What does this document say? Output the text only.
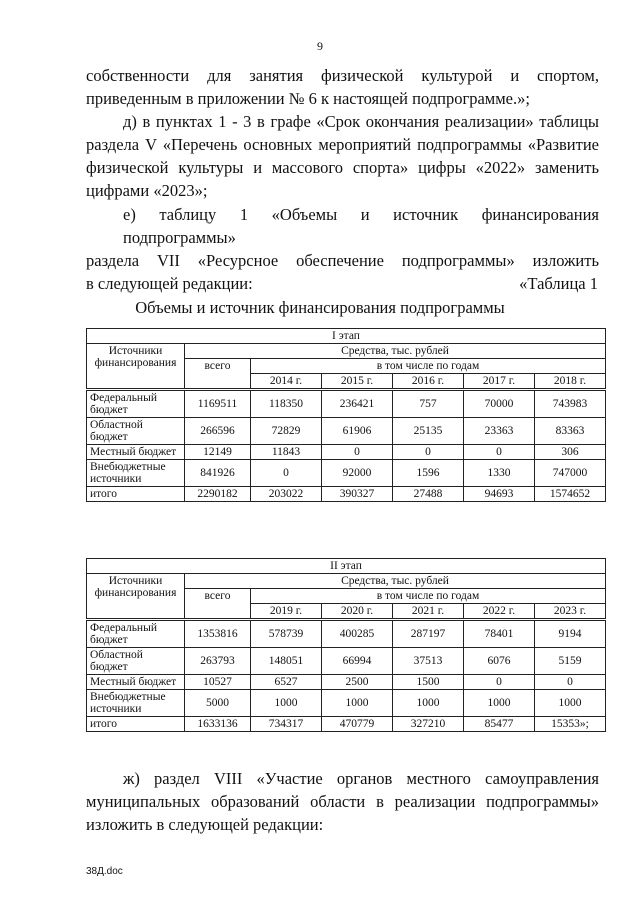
9
собственности для занятия физической культурой и спортом,
приведенным в приложении № 6 к настоящей подпрограмме.»;
д) в пунктах 1 - 3 в графе «Срок окончания реализации» таблицы
раздела V «Перечень основных мероприятий подпрограммы «Развитие
физической культуры и массового спорта» цифры «2022» заменить
цифрами «2023»;
е) таблицу 1 «Объемы и источник финансирования подпрограммы»
раздела VII «Ресурсное обеспечение подпрограммы» изложить
в следующей редакции:	«Таблица 1
Объемы и источник финансирования подпрограммы
I этап						
Источники финансирования	Средства, тыс. рублей					
	всего	в том числе по годам				
		2014 г.	2015 г.	2016 г.	2017 г.	2018 г.
Федеральный бюджет	1169511	118350	236421	757	70000	743983
Областной бюджет	266596	72829	61906	25135	23363	83363
Местный бюджет	12149	11843	0	0	0	306
Внебюджетные источники	841926	0	92000	1596	1330	747000
итого	2290182	203022	390327	27488	94693	1574652
II этап						
Источники финансирования	Средства, тыс. рублей					
	всего	в том числе по годам				
		2019 г.	2020 г.	2021 г.	2022 г.	2023 г.
Федеральный бюджет	1353816	578739	400285	287197	78401	9194
Областной бюджет	263793	148051	66994	37513	6076	5159
Местный бюджет	10527	6527	2500	1500	0	0
Внебюджетные источники	5000	1000	1000	1000	1000	1000
итого	1633136	734317	470779	327210	85477	15353»;
ж) раздел VIII «Участие органов местного самоуправления
муниципальных образований области в реализации подпрограммы»
изложить в следующей редакции:
38Д.doc
